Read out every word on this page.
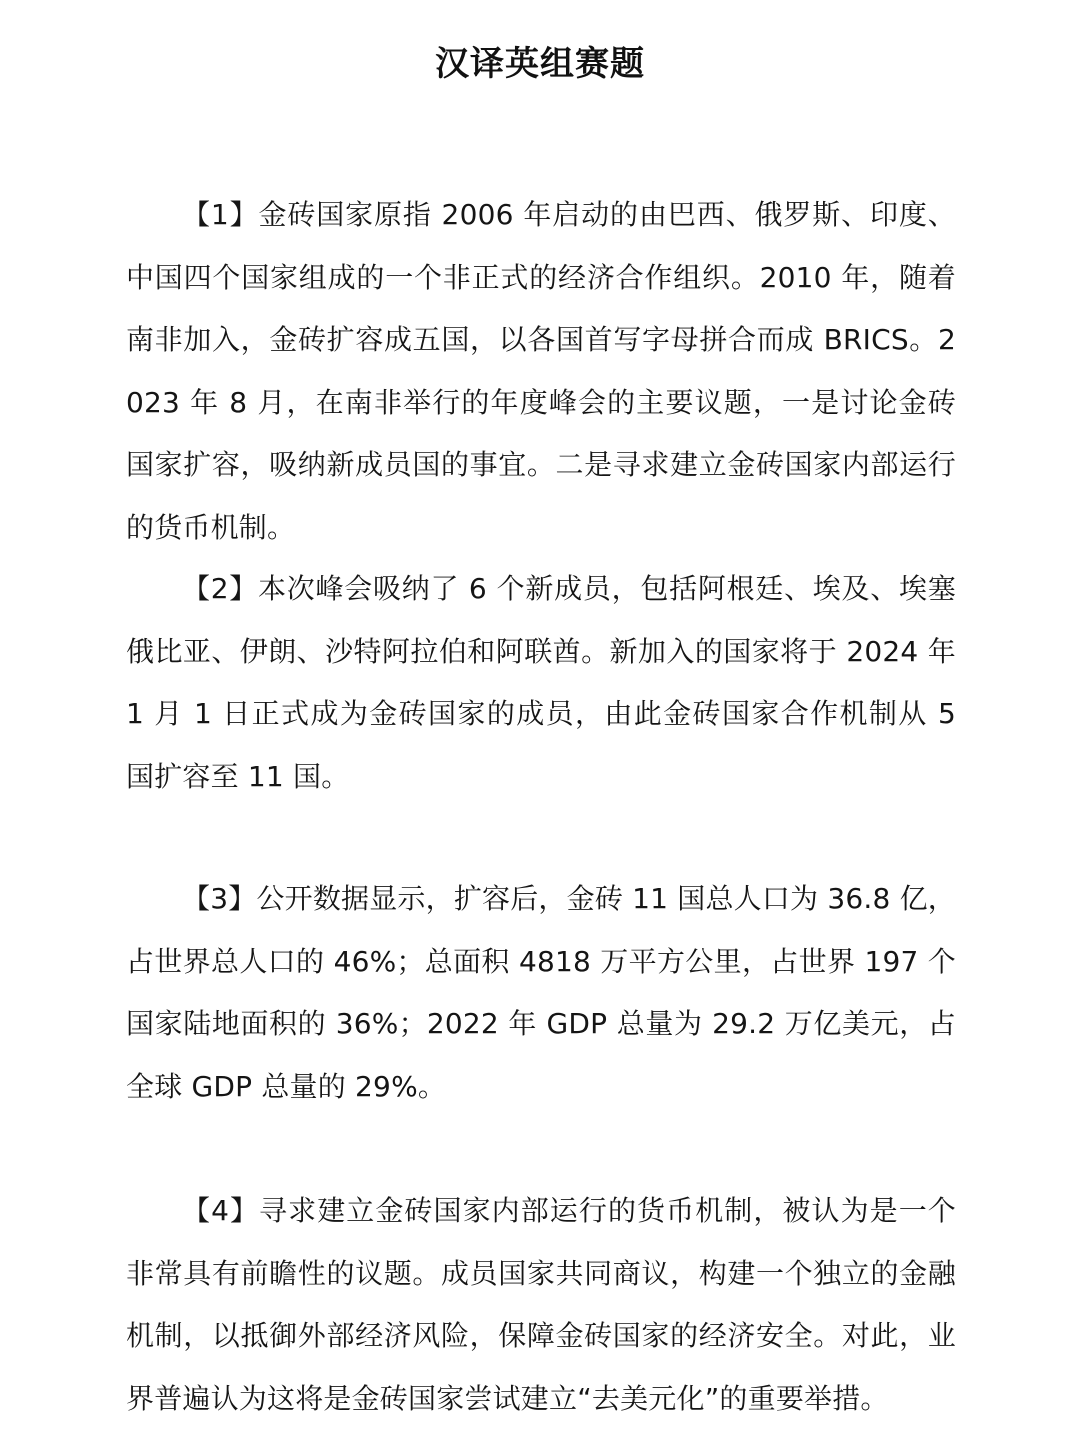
汉译英组赛题

【1】金砖国家原指 2006 年启动的由巴西、俄罗斯、印度、中国四个国家组成的一个非正式的经济合作组织。2010 年，随着南非加入，金砖扩容成五国，以各国首写字母拼合而成 BRICS。2023 年 8 月，在南非举行的年度峰会的主要议题，一是讨论金砖国家扩容，吸纳新成员国的事宜。二是寻求建立金砖国家内部运行的货币机制。

【2】本次峰会吸纳了 6 个新成员，包括阿根廷、埃及、埃塞俄比亚、伊朗、沙特阿拉伯和阿联酋。新加入的国家将于 2024 年 1 月 1 日正式成为金砖国家的成员，由此金砖国家合作机制从 5 国扩容至 11 国。

【3】公开数据显示，扩容后，金砖 11 国总人口为 36.8 亿，占世界总人口的 46%；总面积 4818 万平方公里，占世界 197 个国家陆地面积的 36%；2022 年 GDP 总量为 29.2 万亿美元，占全球 GDP 总量的 29%。

【4】寻求建立金砖国家内部运行的货币机制，被认为是一个非常具有前瞻性的议题。成员国家共同商议，构建一个独立的金融机制，以抵御外部经济风险，保障金砖国家的经济安全。对此，业界普遍认为这将是金砖国家尝试建立“去美元化”的重要举措。
